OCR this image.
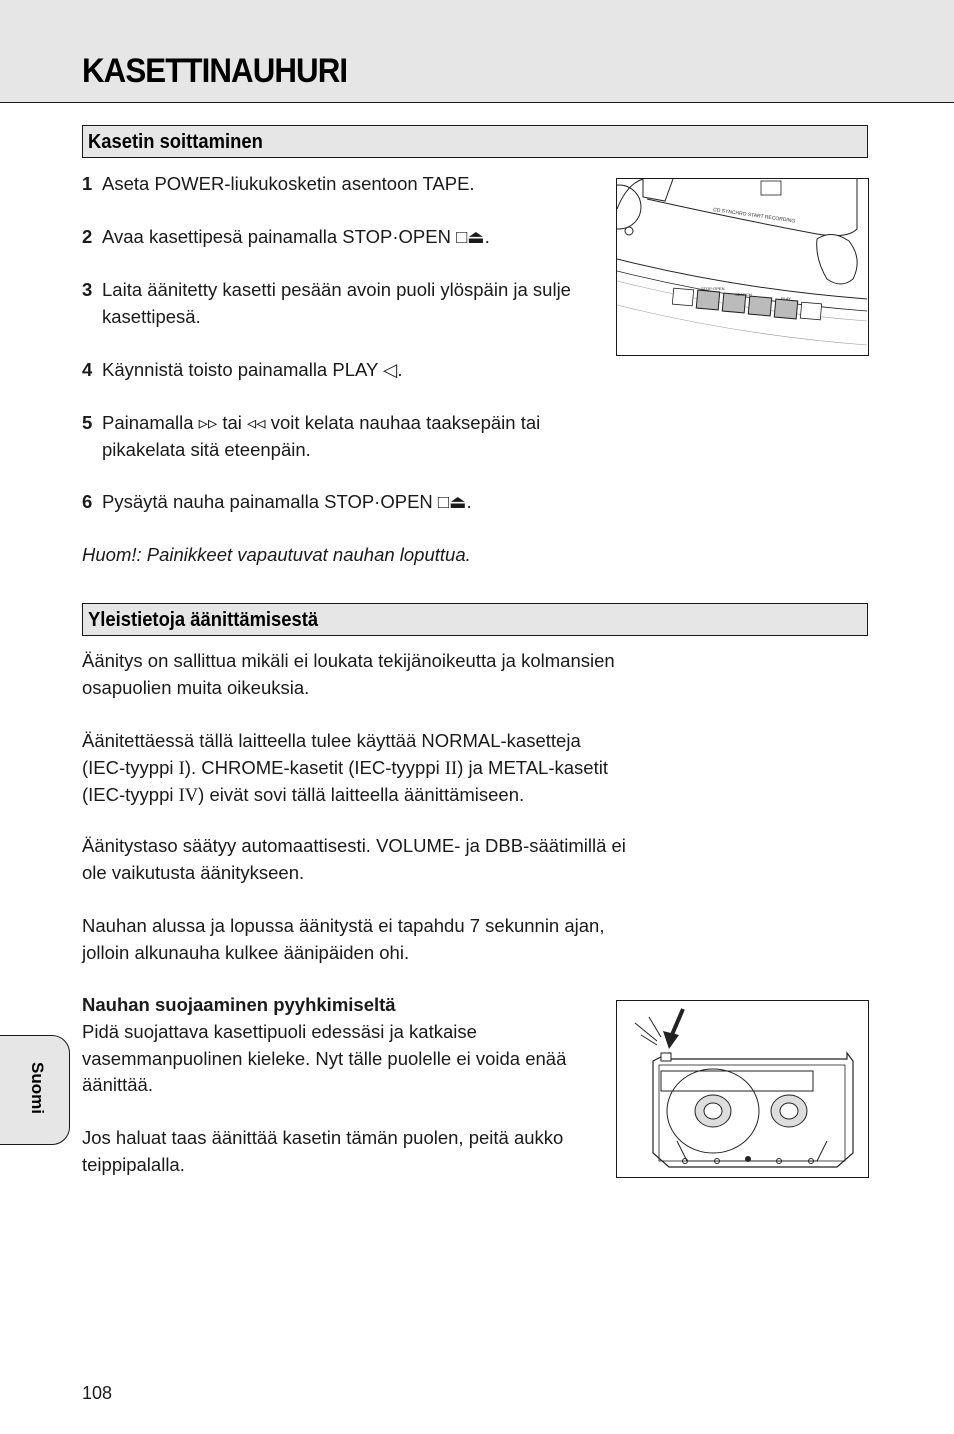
KASETTINAUHURI
Kasetin soittaminen
1 Aseta POWER-liukukosketin asentoon TAPE.
2 Avaa kasettipesä painamalla STOP·OPEN □⏏.
3 Laita äänitetty kasetti pesään avoin puoli ylöspäin ja sulje kasettipesä.
4 Käynnistä toisto painamalla PLAY ◁.
5 Painamalla ▹▹ tai ◃◃ voit kelata nauhaa taaksepäin tai pikakelata sitä eteenpäin.
6 Pysäytä nauha painamalla STOP·OPEN □⏏.
Huom!: Painikkeet vapautuvat nauhan loputtua.
CD SYNCHRO START RECORDING
STOP·OPEN
SEARCH
PLAY
Yleistietoja äänittämisestä
Äänitys on sallittua mikäli ei loukata tekijänoikeutta ja kolmansien osapuolien muita oikeuksia.
Äänitettäessä tällä laitteella tulee käyttää NORMAL-kasetteja (IEC-tyyppi I). CHROME-kasetit (IEC-tyyppi II) ja METAL-kasetit (IEC-tyyppi IV) eivät sovi tällä laitteella äänittämiseen.
Äänitystaso säätyy automaattisesti. VOLUME- ja DBB-säätimillä ei ole vaikutusta äänitykseen.
Nauhan alussa ja lopussa äänitystä ei tapahdu 7 sekunnin ajan, jolloin alkunauha kulkee äänipäiden ohi.
Nauhan suojaaminen pyyhkimiseltä
Pidä suojattava kasettipuoli edessäsi ja katkaise vasemmanpuolinen kieleke. Nyt tälle puolelle ei voida enää äänittää.
Jos haluat taas äänittää kasetin tämän puolen, peitä aukko teippipalalla.
Suomi
108
